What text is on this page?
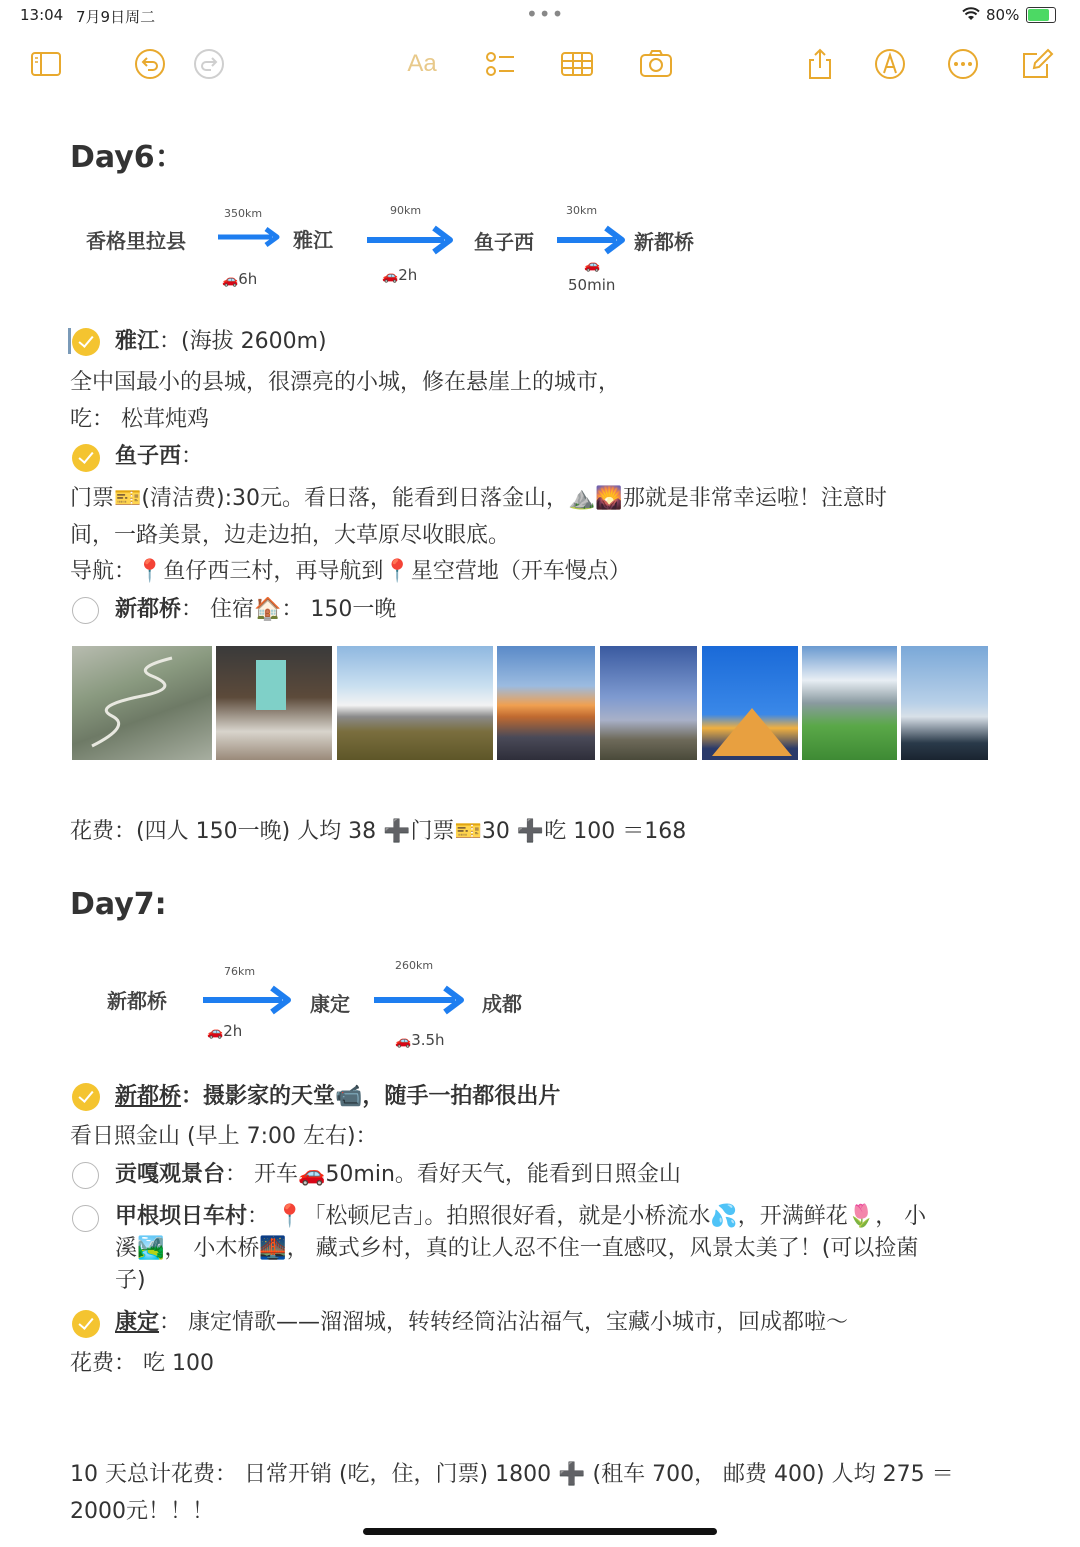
13:04 7月9日周二	•••	80%
Aa
Day6：
香格里拉县
350km
🚗6h
雅江
90km
🚗2h
鱼子西
30km
🚗
50min
新都桥
雅江：(海拔 2600m)
全中国最小的县城，很漂亮的小城，修在悬崖上的城市，
吃： 松茸炖鸡
鱼子西：
门票🎫(清洁费):30元。看日落，能看到日落金山，⛰️🌄那就是非常幸运啦！注意时
间，一路美景，边走边拍，大草原尽收眼底。
导航：📍鱼仔西三村，再导航到📍星空营地（开车慢点）
新都桥： 住宿🏠： 150一晚
花费：(四人 150一晚) 人均 38 ➕门票🎫30 ➕吃 100 ＝168
Day7:
新都桥
76km
🚗2h
康定
260km
🚗3.5h
成都
新都桥：摄影家的天堂📹，随手一拍都很出片
看日照金山 (早上 7:00 左右)：
贡嘎观景台： 开车🚗50min。看好天气，能看到日照金山
甲根坝日车村： 📍「松顿尼吉」。拍照很好看，就是小桥流水💦，开满鲜花🌷， 小
溪🏞️， 小木桥🌉， 藏式乡村，真的让人忍不住一直感叹，风景太美了！(可以捡菌
子)
康定： 康定情歌——溜溜城，转转经筒沾沾福气，宝藏小城市，回成都啦～
花费： 吃 100
10 天总计花费： 日常开销 (吃，住，门票) 1800 ➕ (租车 700， 邮费 400) 人均 275 ＝
2000元！！！
